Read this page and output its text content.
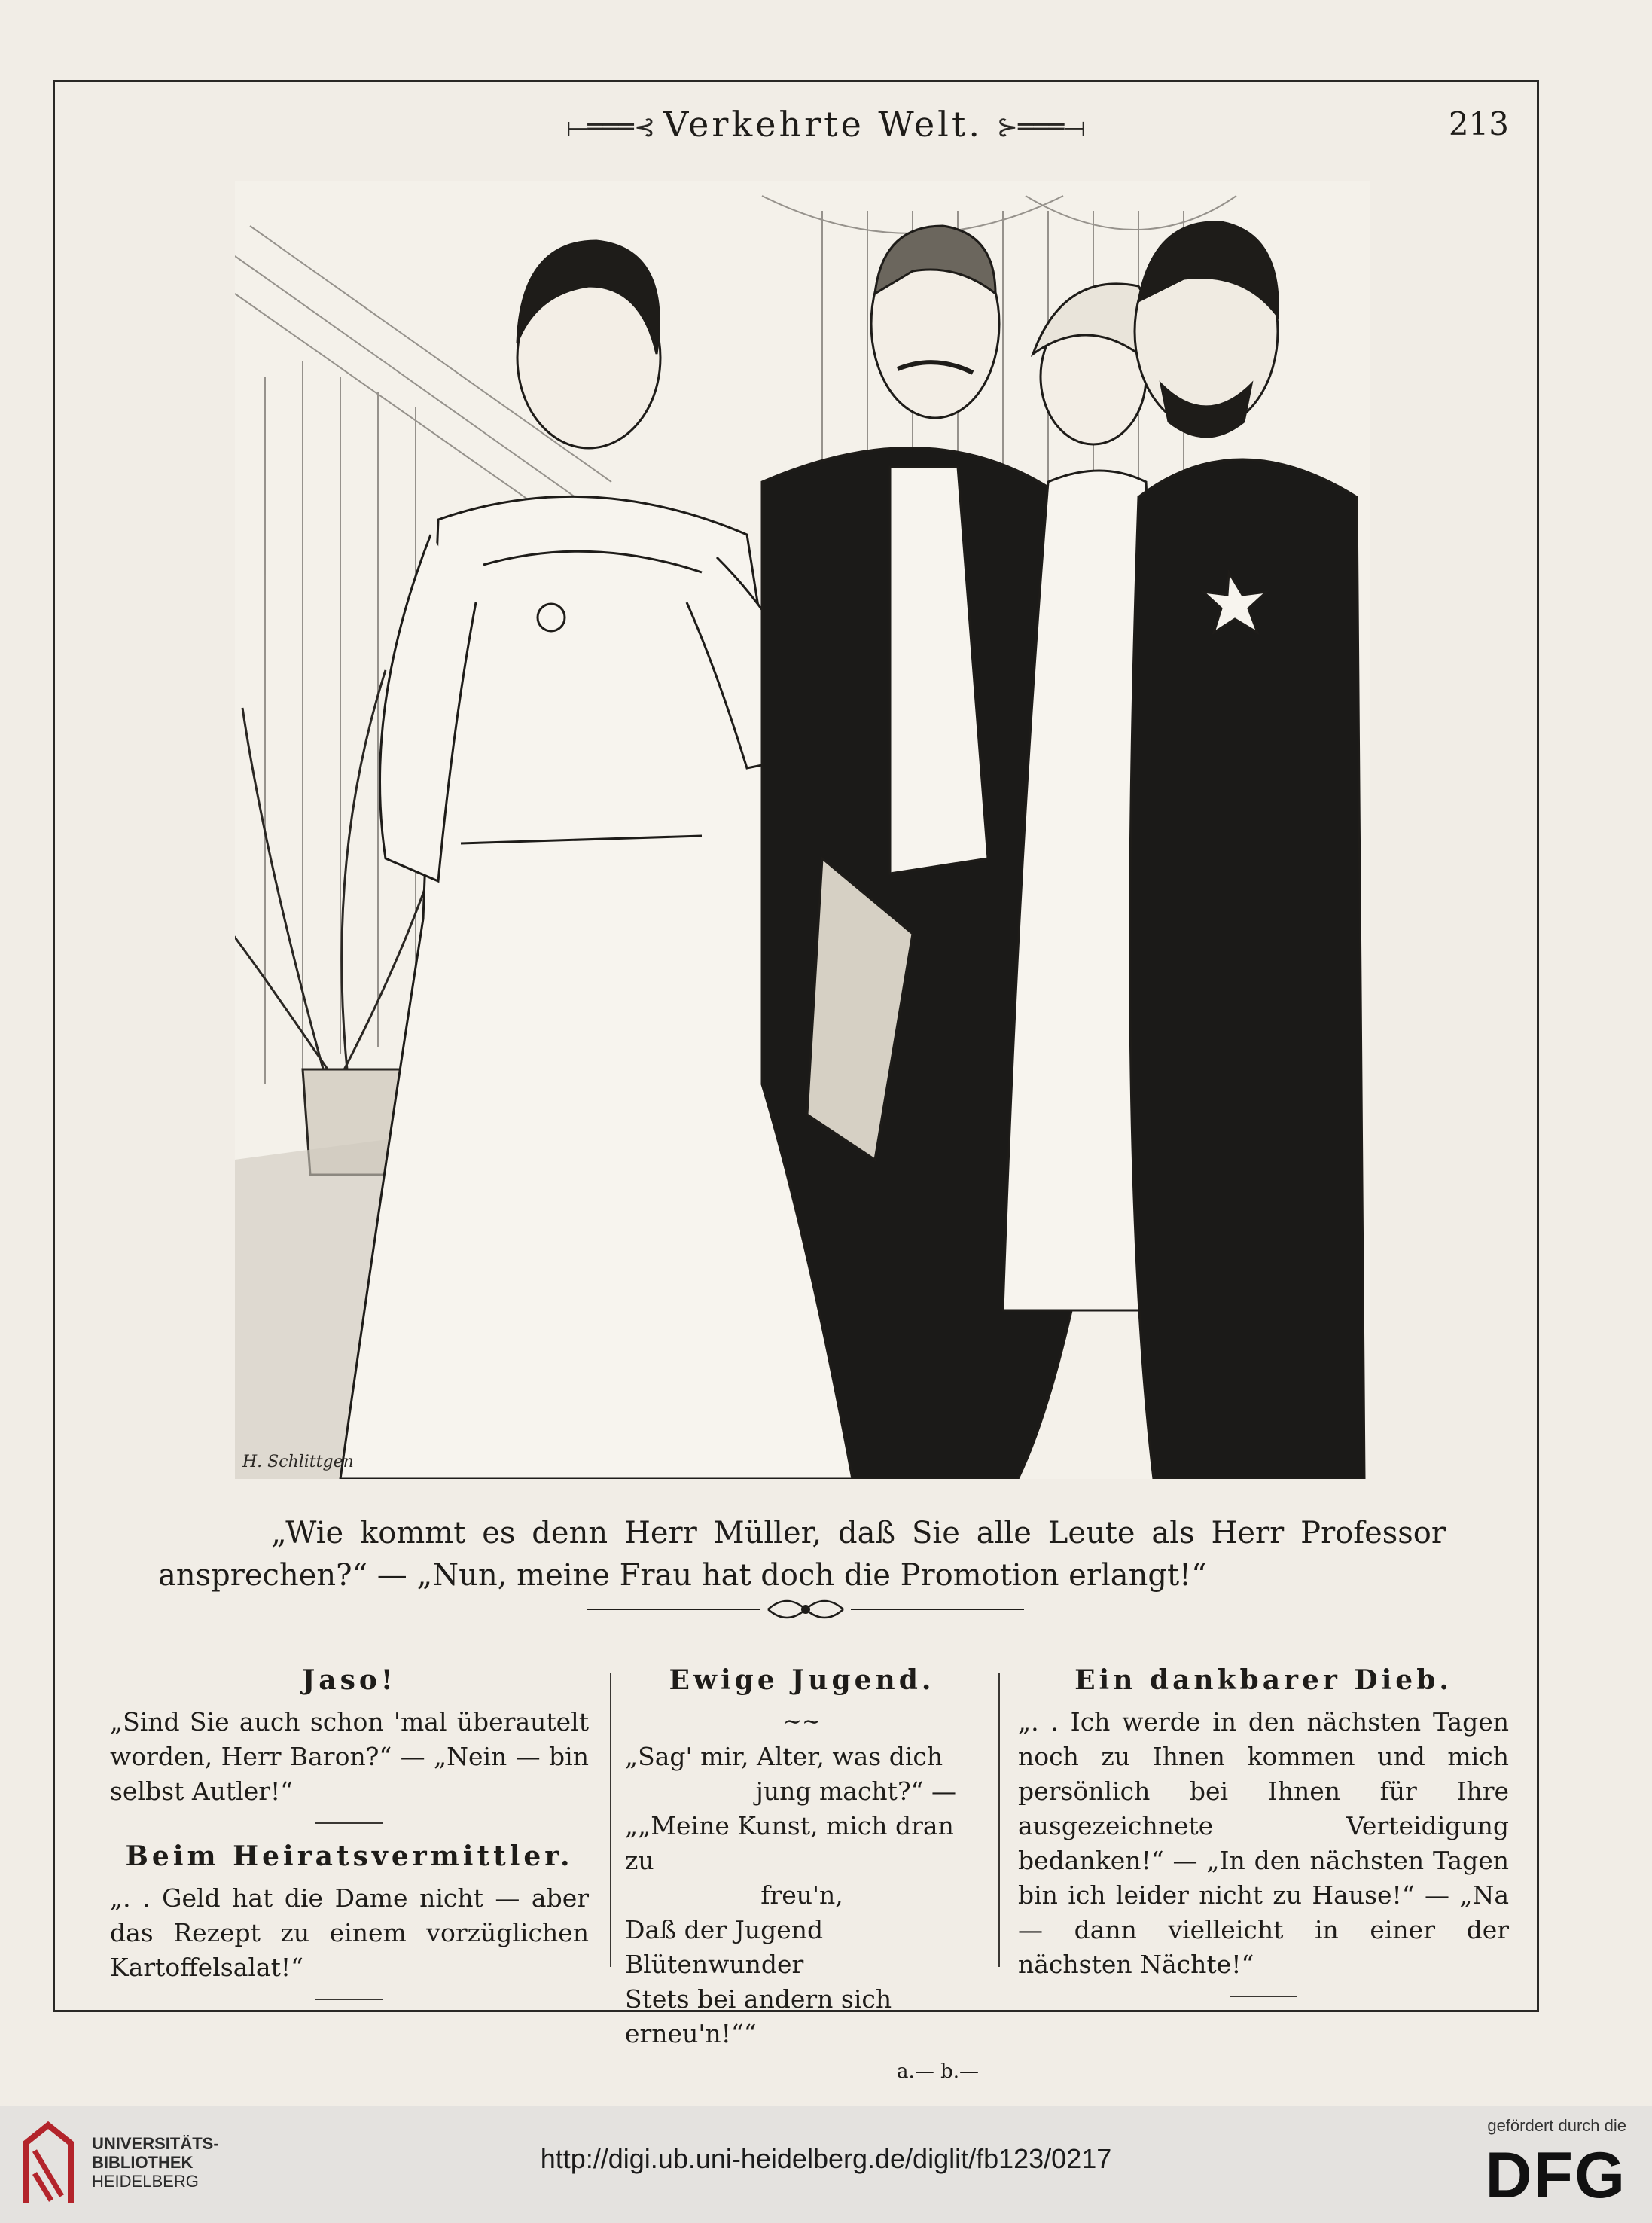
⟝═══⊰ Verkehrte Welt. ⊱═══⟞	213
H. Schlittgen
„Wie kommt es denn Herr Müller, daß Sie alle Leute als Herr Professor ansprechen?“ — „Nun, meine Frau hat doch die Promotion erlangt!“
Jaso!
„Sind Sie auch schon 'mal überautelt worden, Herr Baron?“ — „Nein — bin selbst Autler!“
Beim Heiratsvermittler.
„. . Geld hat die Dame nicht — aber das Rezept zu einem vorzüglichen Kartoffelsalat!“
Ewige Jugend.
∼∼

„Sag' mir, Alter, was dich

jung macht?“ —

„„Meine Kunst, mich dran zu

freu'n,

Daß der Jugend Blütenwunder

Stets bei andern sich erneu'n!““

a.— b.—
Ein dankbarer Dieb.
„. . Ich werde in den nächsten Tagen noch zu Ihnen kommen und mich persönlich bei Ihnen für Ihre ausgezeichnete Verteidigung bedanken!“ — „In den nächsten Tagen bin ich leider nicht zu Hause!“ — „Na — dann vielleicht in einer der nächsten Nächte!“
UNIVERSITÄTS-
BIBLIOTHEK
HEIDELBERG
http://digi.ub.uni-heidelberg.de/diglit/fb123/0217
gefördert durch die
DFG
